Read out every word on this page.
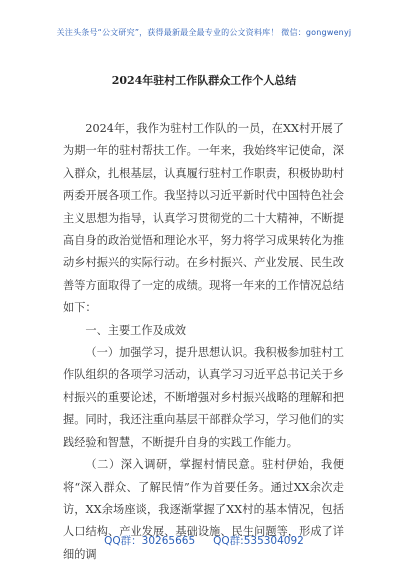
关注头条号“公文研究”，获得最新最全最专业的公文资料库！ 微信：gongwenyj
2024年驻村工作队群众工作个人总结

2024年，我作为驻村工作队的一员，在XX村开展了为期一年的驻村帮扶工作。一年来，我始终牢记使命，深入群众，扎根基层，认真履行驻村工作职责，积极协助村两委开展各项工作。我坚持以习近平新时代中国特色社会主义思想为指导，认真学习贯彻党的二十大精神，不断提高自身的政治觉悟和理论水平，努力将学习成果转化为推动乡村振兴的实际行动。在乡村振兴、产业发展、民生改善等方面取得了一定的成绩。现将一年来的工作情况总结如下：

一、主要工作及成效

（一）加强学习，提升思想认识。我积极参加驻村工作队组织的各项学习活动，认真学习习近平总书记关于乡村振兴的重要论述，不断增强对乡村振兴战略的理解和把握。同时，我还注重向基层干部群众学习，学习他们的实践经验和智慧，不断提升自身的实践工作能力。

（二）深入调研，掌握村情民意。驻村伊始，我便将“深入群众、了解民情”作为首要任务。通过XX余次走访，XX余场座谈，我逐渐掌握了XX村的基本情况，包括人口结构、产业发展、基础设施、民生问题等，形成了详细的调

QQ群：30265665 QQ群:535304092
